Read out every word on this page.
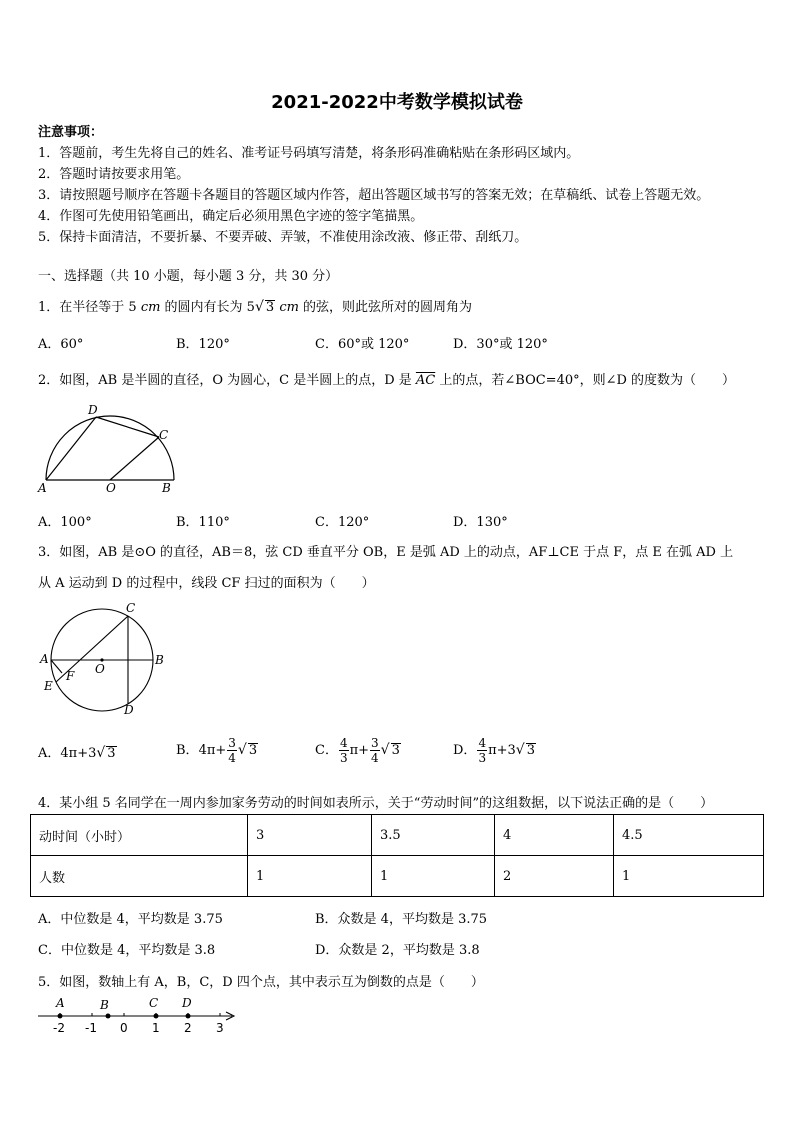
2021-2022中考数学模拟试卷
注意事项：
1．答题前，考生先将自己的姓名、准考证号码填写清楚，将条形码准确粘贴在条形码区域内。
2．答题时请按要求用笔。
3．请按照题号顺序在答题卡各题目的答题区域内作答，超出答题区域书写的答案无效；在草稿纸、试卷上答题无效。
4．作图可先使用铅笔画出，确定后必须用黑色字迹的签字笔描黑。
5．保持卡面清洁，不要折暴、不要弄破、弄皱，不准使用涂改液、修正带、刮纸刀。
一、选择题（共 10 小题，每小题 3 分，共 30 分）
1．在半径等于 5 cm 的圆内有长为 5√ 3 cm 的弦，则此弦所对的圆周角为
A．60°	B．120°	C．60°或 120°	D．30°或 120°
2．如图，AB 是半圆的直径，O 为圆心，C 是半圆上的点，D 是 $\overline{AC}$ 上的点，若∠BOC=40°，则∠D 的度数为（　　）
D
C
A	O	B
A．100°	B．110°	C．120°	D．130°
3．如图，AB 是⊙O 的直径，AB＝8，弦 CD 垂直平分 OB，E 是弧 AD 上的动点，AF⊥CE 于点 F，点 E 在弧 AD 上
从 A 运动到 D 的过程中，线段 CF 扫过的面积为（　　）
C
A
O
B
F
E
D
A．4π+3√ 3	B．$4\pi+ \frac{3}{4}$ √ 3	C． $\frac{4}{3} \pi+ \frac{3}{4}$ √ 3	D． $\frac{4}{3} \pi+3√$ 3
4．某小组 5 名同学在一周内参加家务劳动的时间如表所示，关于“劳动时间”的这组数据，以下说法正确的是（　　）
动时间（小时）	3	3.5	4	4.5
人数	1	1	2	1
A．中位数是 4，平均数是 3.75	B．众数是 4，平均数是 3.75
C．中位数是 4，平均数是 3.8	D．众数是 2，平均数是 3.8
5．如图，数轴上有 A，B，C，D 四个点，其中表示互为倒数的点是（　　）
A	B	C D
-2 -1 0 1 2 3
